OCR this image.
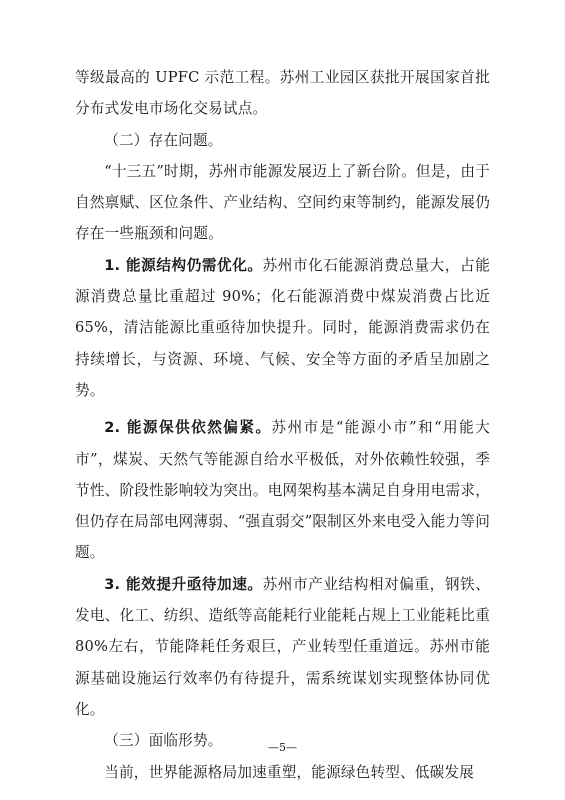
等级最高的 UPFC 示范工程。苏州工业园区获批开展国家首批分布式发电市场化交易试点。

（二）存在问题。

“十三五”时期，苏州市能源发展迈上了新台阶。但是，由于自然禀赋、区位条件、产业结构、空间约束等制约，能源发展仍存在一些瓶颈和问题。

1. 能源结构仍需优化。苏州市化石能源消费总量大，占能源消费总量比重超过 90%；化石能源消费中煤炭消费占比近 65%，清洁能源比重亟待加快提升。同时，能源消费需求仍在持续增长，与资源、环境、气候、安全等方面的矛盾呈加剧之势。

2. 能源保供依然偏紧。苏州市是“能源小市”和“用能大市”，煤炭、天然气等能源自给水平极低，对外依赖性较强，季节性、阶段性影响较为突出。电网架构基本满足自身用电需求，但仍存在局部电网薄弱、“强直弱交”限制区外来电受入能力等问题。

3. 能效提升亟待加速。苏州市产业结构相对偏重，钢铁、发电、化工、纺织、造纸等高能耗行业能耗占规上工业能耗比重 80%左右，节能降耗任务艰巨，产业转型任重道远。苏州市能源基础设施运行效率仍有待提升，需系统谋划实现整体协同优化。

（三）面临形势。

当前，世界能源格局加速重塑，能源绿色转型、低碳发展

—5—
